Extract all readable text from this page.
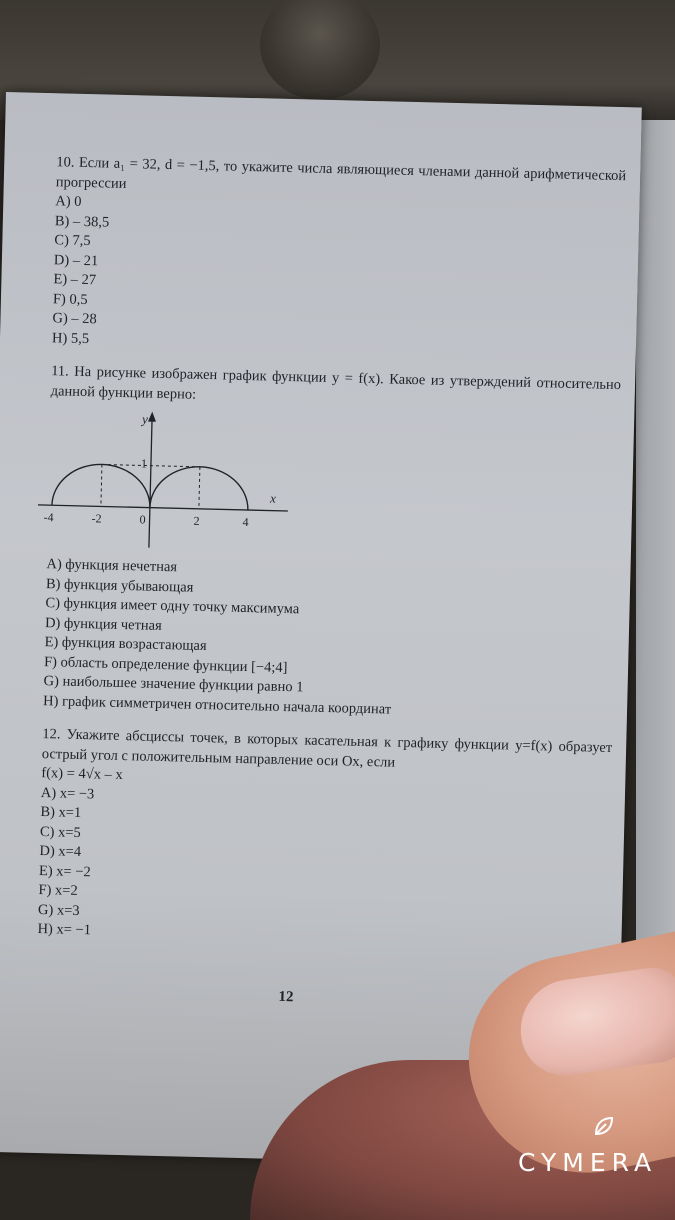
10. Если a₁ = 32, d = −1,5, то укажите числа являющиеся членами данной арифметической прогрессии
A) 0
B) – 38,5
C) 7,5
D) – 21
E) – 27
F) 0,5
G) – 28
H) 5,5
11. На рисунке изображен график функции y = f(x). Какое из утверждений относительно данной функции верно:
y
x
1
-4	-2	0	2	4
A) функция нечетная
B) функция убывающая
C) функция имеет одну точку максимума
D) функция четная
E) функция возрастающая
F) область определение функции [−4;4]
G) наибольшее значение функции равно 1
H) график симметричен относительно начала координат
12. Укажите абсциссы точек, в которых касательная к графику функции y=f(x) образует острый угол с положительным направление оси Ox, если
f(x) = 4√x – x
A) x= −3
B) x=1
C) x=5
D) x=4
E) x= −2
F) x=2
G) x=3
H) x= −1
12
CYMERA
